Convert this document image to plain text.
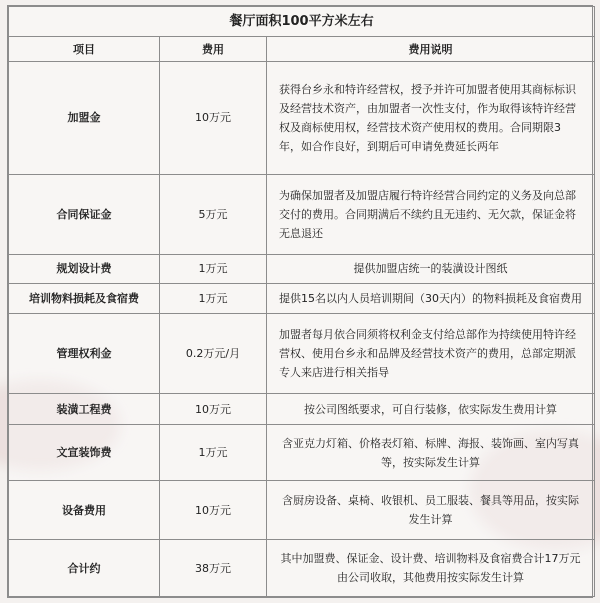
餐厅面积100平方米左右		
项目	费用	费用说明
加盟金	10万元	获得台乡永和特许经营权，授予并许可加盟者使用其商标标识及经营技术资产，由加盟者一次性支付，作为取得该特许经营权及商标使用权，经营技术资产使用权的费用。合同期限3年，如合作良好，到期后可申请免费延长两年
合同保证金	5万元	为确保加盟者及加盟店履行特许经营合同约定的义务及向总部交付的费用。合同期满后不续约且无违约、无欠款，保证金将无息退还
规划设计费	1万元	提供加盟店统一的装潢设计图纸
培训物料损耗及食宿费	1万元	提供15名以内人员培训期间（30天内）的物料损耗及食宿费用
管理权利金	0.2万元/月	加盟者每月依合同须将权利金支付给总部作为持续使用特许经营权、使用台乡永和品牌及经营技术资产的费用，总部定期派专人来店进行相关指导
装潢工程费	10万元	按公司图纸要求，可自行装修，依实际发生费用计算
文宣装饰费	1万元	含亚克力灯箱、价格表灯箱、标牌、海报、装饰画、室内写真等，按实际发生计算
设备费用	10万元	含厨房设备、桌椅、收银机、员工服装、餐具等用品，按实际发生计算
合计约	38万元	其中加盟费、保证金、设计费、培训物料及食宿费合计17万元由公司收取，其他费用按实际发生计算
